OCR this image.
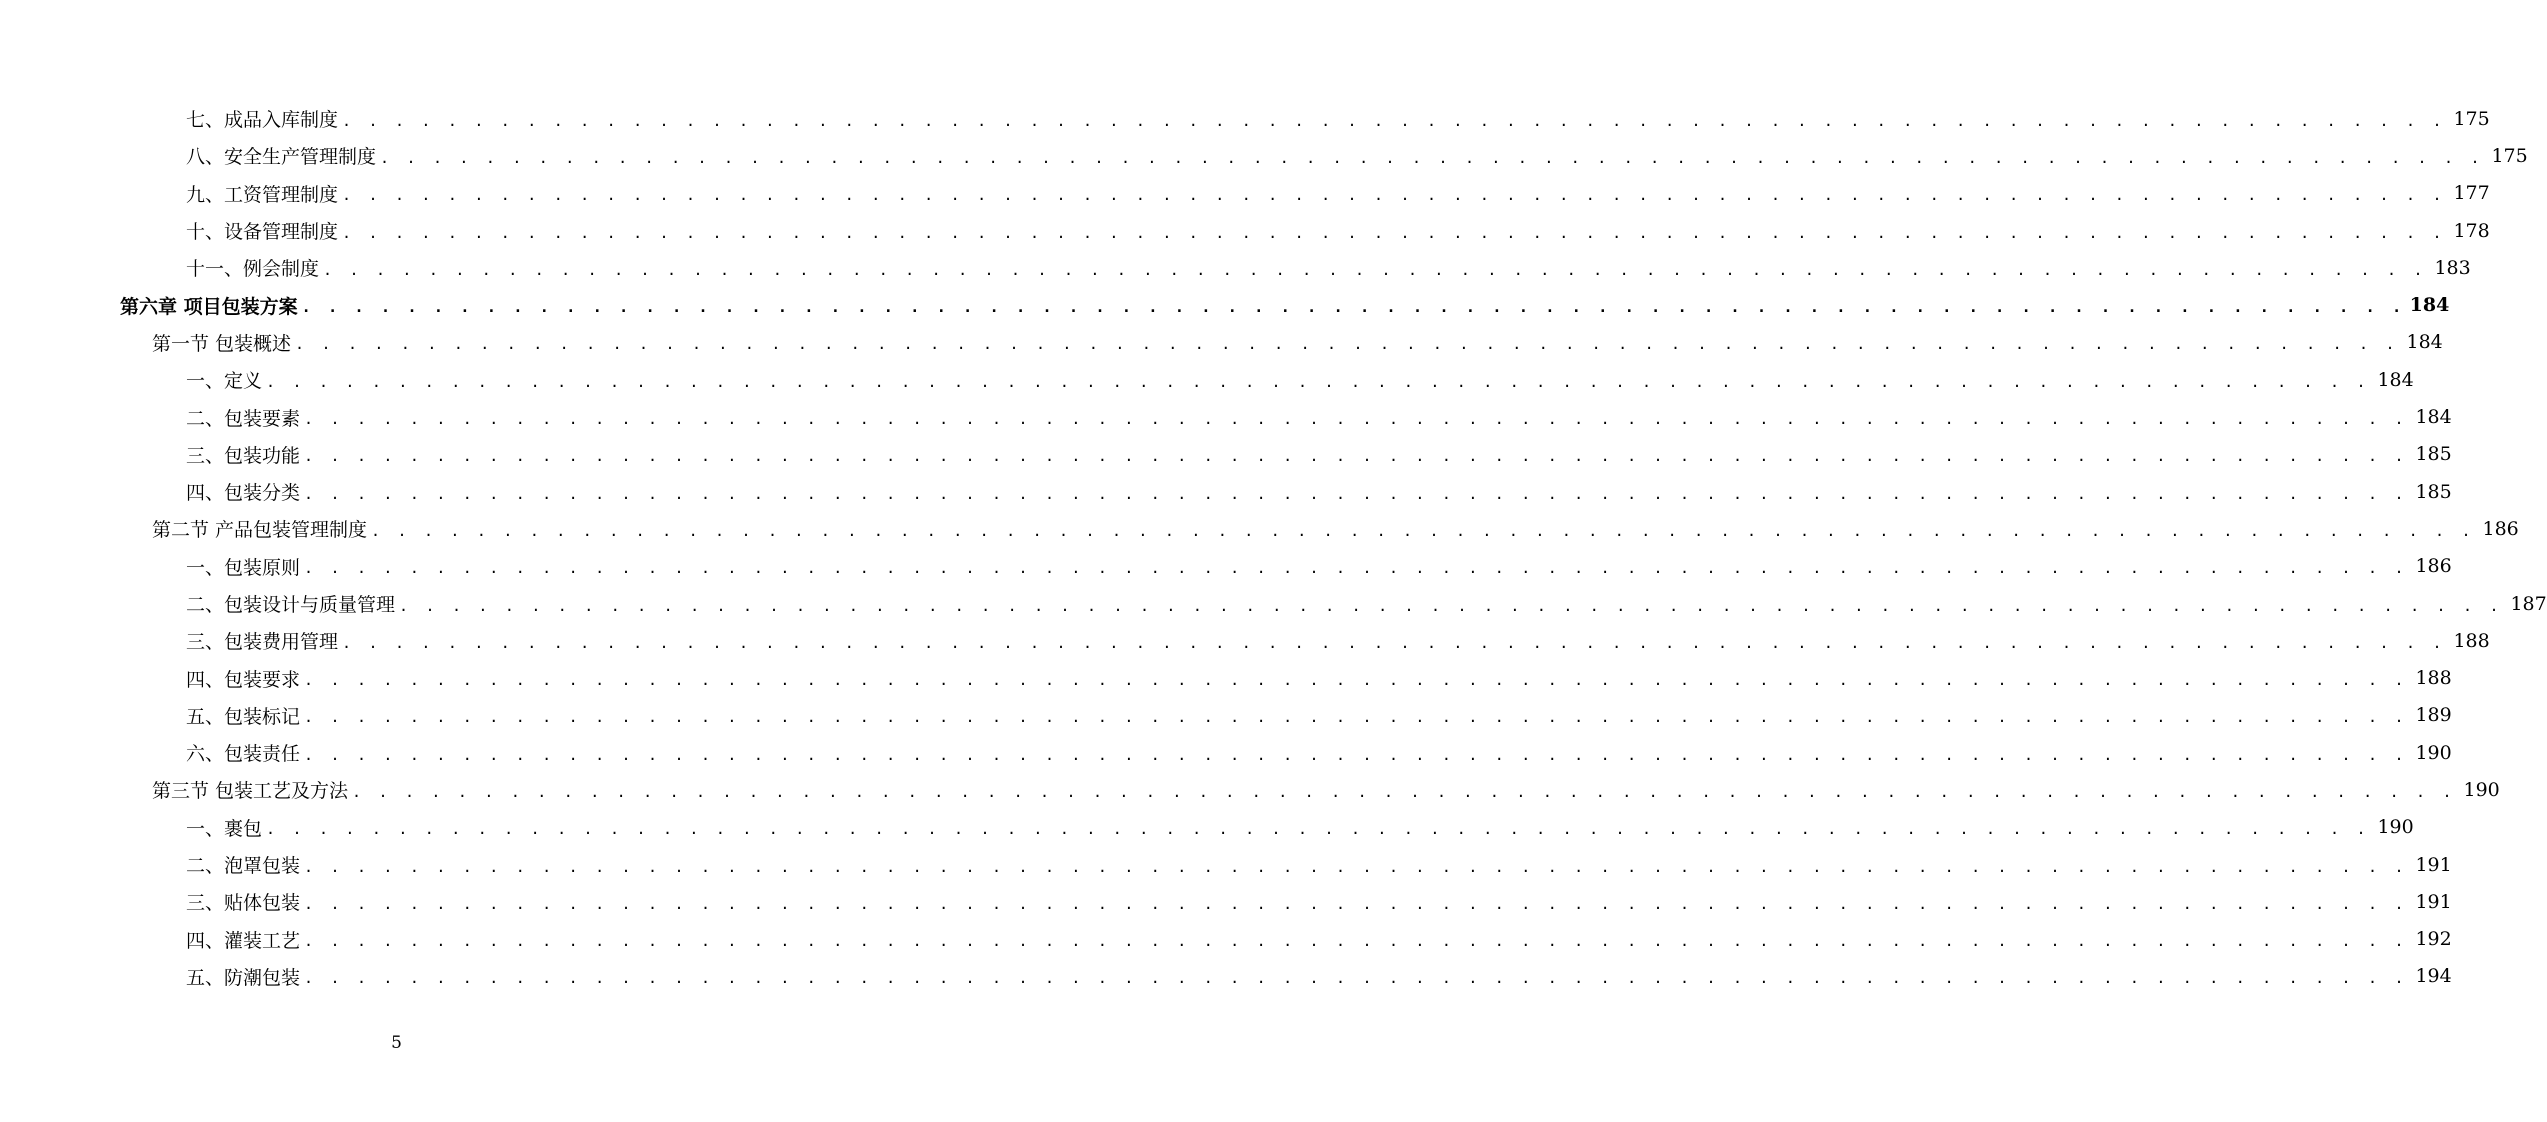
七、成品入库制度 . . . . . . . . . . . . . . . . . . . . . . . . . . . . . . . . . . . . . . . . . . . . . . . . . . . . . . . . . . . . . . . . . . . . . . . . . . . . . . . . 175
八、安全生产管理制度 . . . . . . . . . . . . . . . . . . . . . . . . . . . . . . . . . . . . . . . . . . . . . . . . . . . . . . . . . . . . . . . . . . . . . . . . . . . . . . . . 175
九、工资管理制度 . . . . . . . . . . . . . . . . . . . . . . . . . . . . . . . . . . . . . . . . . . . . . . . . . . . . . . . . . . . . . . . . . . . . . . . . . . . . . . . . 177
十、设备管理制度 . . . . . . . . . . . . . . . . . . . . . . . . . . . . . . . . . . . . . . . . . . . . . . . . . . . . . . . . . . . . . . . . . . . . . . . . . . . . . . . . 178
十一、例会制度 . . . . . . . . . . . . . . . . . . . . . . . . . . . . . . . . . . . . . . . . . . . . . . . . . . . . . . . . . . . . . . . . . . . . . . . . . . . . . . . . 183
第六章 项目包装方案 . . . . . . . . . . . . . . . . . . . . . . . . . . . . . . . . . . . . . . . . . . . . . . . . . . . . . . . . . . . . . . . . . . . . . . . . . . . . . . . . 184
第一节 包装概述 . . . . . . . . . . . . . . . . . . . . . . . . . . . . . . . . . . . . . . . . . . . . . . . . . . . . . . . . . . . . . . . . . . . . . . . . . . . . . . . . 184
一、定义 . . . . . . . . . . . . . . . . . . . . . . . . . . . . . . . . . . . . . . . . . . . . . . . . . . . . . . . . . . . . . . . . . . . . . . . . . . . . . . . . 184
二、包装要素 . . . . . . . . . . . . . . . . . . . . . . . . . . . . . . . . . . . . . . . . . . . . . . . . . . . . . . . . . . . . . . . . . . . . . . . . . . . . . . . . 184
三、包装功能 . . . . . . . . . . . . . . . . . . . . . . . . . . . . . . . . . . . . . . . . . . . . . . . . . . . . . . . . . . . . . . . . . . . . . . . . . . . . . . . . 185
四、包装分类 . . . . . . . . . . . . . . . . . . . . . . . . . . . . . . . . . . . . . . . . . . . . . . . . . . . . . . . . . . . . . . . . . . . . . . . . . . . . . . . . 185
第二节 产品包装管理制度 . . . . . . . . . . . . . . . . . . . . . . . . . . . . . . . . . . . . . . . . . . . . . . . . . . . . . . . . . . . . . . . . . . . . . . . . . . . . . . . . 186
一、包装原则 . . . . . . . . . . . . . . . . . . . . . . . . . . . . . . . . . . . . . . . . . . . . . . . . . . . . . . . . . . . . . . . . . . . . . . . . . . . . . . . . 186
二、包装设计与质量管理 . . . . . . . . . . . . . . . . . . . . . . . . . . . . . . . . . . . . . . . . . . . . . . . . . . . . . . . . . . . . . . . . . . . . . . . . . . . . . . . . 187
三、包装费用管理 . . . . . . . . . . . . . . . . . . . . . . . . . . . . . . . . . . . . . . . . . . . . . . . . . . . . . . . . . . . . . . . . . . . . . . . . . . . . . . . . 188
四、包装要求 . . . . . . . . . . . . . . . . . . . . . . . . . . . . . . . . . . . . . . . . . . . . . . . . . . . . . . . . . . . . . . . . . . . . . . . . . . . . . . . . 188
五、包装标记 . . . . . . . . . . . . . . . . . . . . . . . . . . . . . . . . . . . . . . . . . . . . . . . . . . . . . . . . . . . . . . . . . . . . . . . . . . . . . . . . 189
六、包装责任 . . . . . . . . . . . . . . . . . . . . . . . . . . . . . . . . . . . . . . . . . . . . . . . . . . . . . . . . . . . . . . . . . . . . . . . . . . . . . . . . 190
第三节 包装工艺及方法 . . . . . . . . . . . . . . . . . . . . . . . . . . . . . . . . . . . . . . . . . . . . . . . . . . . . . . . . . . . . . . . . . . . . . . . . . . . . . . . . 190
一、裹包 . . . . . . . . . . . . . . . . . . . . . . . . . . . . . . . . . . . . . . . . . . . . . . . . . . . . . . . . . . . . . . . . . . . . . . . . . . . . . . . . 190
二、泡罩包装 . . . . . . . . . . . . . . . . . . . . . . . . . . . . . . . . . . . . . . . . . . . . . . . . . . . . . . . . . . . . . . . . . . . . . . . . . . . . . . . . 191
三、贴体包装 . . . . . . . . . . . . . . . . . . . . . . . . . . . . . . . . . . . . . . . . . . . . . . . . . . . . . . . . . . . . . . . . . . . . . . . . . . . . . . . . 191
四、灌装工艺 . . . . . . . . . . . . . . . . . . . . . . . . . . . . . . . . . . . . . . . . . . . . . . . . . . . . . . . . . . . . . . . . . . . . . . . . . . . . . . . . 192
五、防潮包装 . . . . . . . . . . . . . . . . . . . . . . . . . . . . . . . . . . . . . . . . . . . . . . . . . . . . . . . . . . . . . . . . . . . . . . . . . . . . . . . . 194
5
